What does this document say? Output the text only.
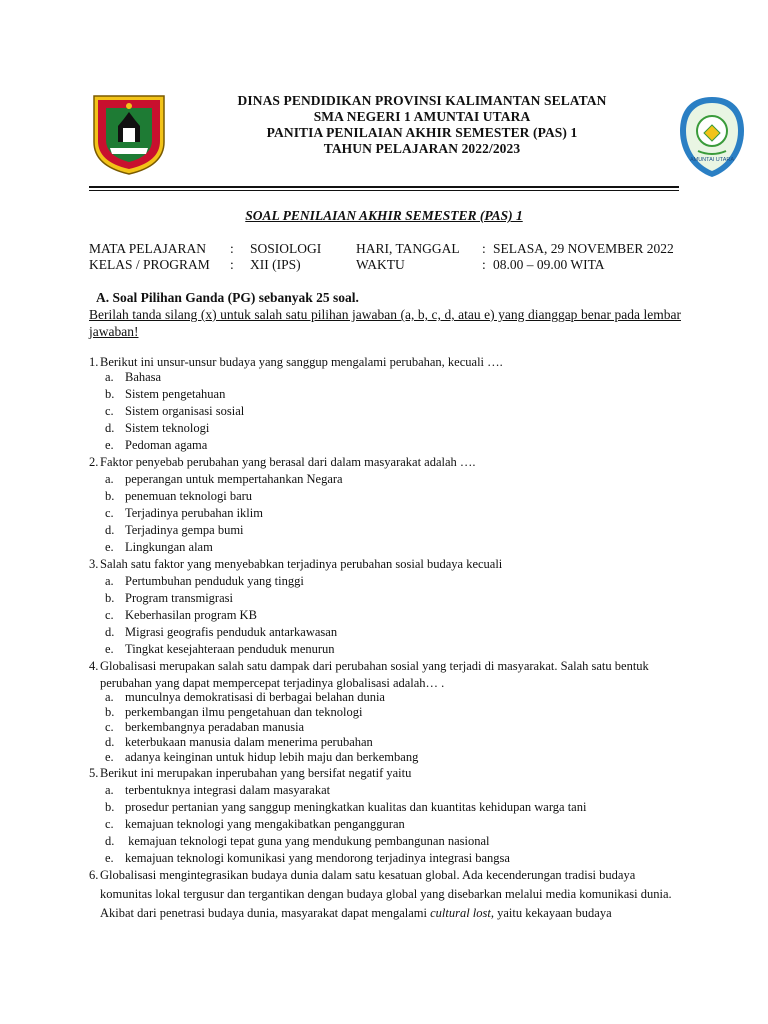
DINAS PENDIDIKAN PROVINSI KALIMANTAN SELATAN
SMA NEGERI 1 AMUNTAI UTARA
PANITIA PENILAIAN AKHIR SEMESTER (PAS) 1
TAHUN PELAJARAN 2022/2023
AMUNTAI UTARA
SOAL PENILAIAN AKHIR SEMESTER (PAS) 1
MATA PELAJARAN : SOSIOLOGI	HARI, TANGGAL : SELASA, 29 NOVEMBER 2022
KELAS / PROGRAM : XII (IPS)	WAKTU	: 08.00 – 09.00 WITA
A. Soal Pilihan Ganda (PG) sebanyak 25 soal.
Berilah tanda silang (x) untuk salah satu pilihan jawaban (a, b, c, d, atau e) yang dianggap benar pada lembar jawaban!
1. Berikut ini unsur-unsur budaya yang sanggup mengalami perubahan, kecuali ….
a. Bahasa
b. Sistem pengetahuan
c. Sistem organisasi sosial
d. Sistem teknologi
e. Pedoman agama
2. Faktor penyebab perubahan yang berasal dari dalam masyarakat adalah ….
a. peperangan untuk mempertahankan Negara
b. penemuan teknologi baru
c. Terjadinya perubahan iklim
d. Terjadinya gempa bumi
e. Lingkungan alam
3. Salah satu faktor yang menyebabkan terjadinya perubahan sosial budaya kecuali
a. Pertumbuhan penduduk yang tinggi
b. Program transmigrasi
c. Keberhasilan program KB
d. Migrasi geografis penduduk antarkawasan
e. Tingkat kesejahteraan penduduk menurun
4. Globalisasi merupakan salah satu dampak dari perubahan sosial yang terjadi di masyarakat. Salah satu bentuk perubahan yang dapat mempercepat terjadinya globalisasi adalah… .
a. munculnya demokratisasi di berbagai belahan dunia
b. perkembangan ilmu pengetahuan dan teknologi
c. berkembangnya peradaban manusia
d. keterbukaan manusia dalam menerima perubahan
e. adanya keinginan untuk hidup lebih maju dan berkembang
5. Berikut ini merupakan inperubahan yang bersifat negatif yaitu
a. terbentuknya integrasi dalam masyarakat
b. prosedur pertanian yang sanggup meningkatkan kualitas dan kuantitas kehidupan warga tani
c. kemajuan teknologi yang mengakibatkan pengangguran
d. kemajuan teknologi tepat guna yang mendukung pembangunan nasional
e. kemajuan teknologi komunikasi yang mendorong terjadinya integrasi bangsa
6. Globalisasi mengintegrasikan budaya dunia dalam satu kesatuan global. Ada kecenderungan tradisi budaya komunitas lokal tergusur dan tergantikan dengan budaya global yang disebarkan melalui media komunikasi dunia. Akibat dari penetrasi budaya dunia, masyarakat dapat mengalami cultural lost, yaitu kekayaan budaya
